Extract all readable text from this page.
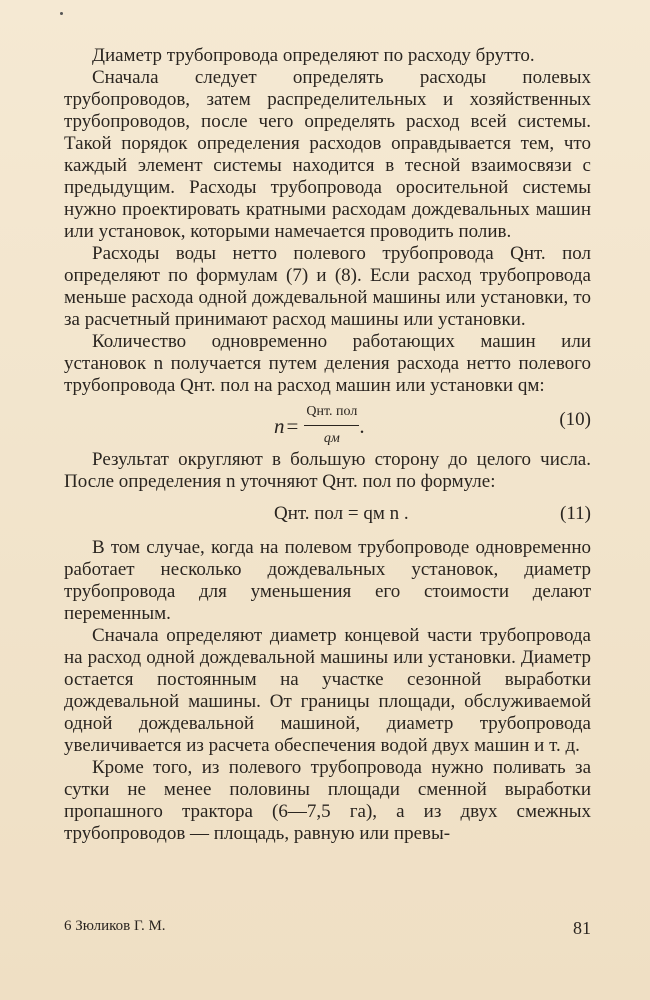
Диаметр трубопровода определяют по расходу брутто.

Сначала следует определять расходы полевых трубопроводов, затем распределительных и хозяйственных трубопроводов, после чего определять расход всей системы. Такой порядок определения расходов оправдывается тем, что каждый элемент системы находится в тесной взаимосвязи с предыдущим. Расходы трубопровода оросительной системы нужно проектировать кратными расходам дождевальных машин или установок, которыми намечается проводить полив.

Расходы воды нетто полевого трубопровода Qнт. пол определяют по формулам (7) и (8). Если расход трубопровода меньше расхода одной дождевальной машины или установки, то за расчетный принимают расход машины или установки.

Количество одновременно работающих машин или установок n получается путем деления расхода нетто полевого трубопровода Qнт. пол на расход машин или установки qм:

$n = \frac{\text{Qнт. пол}}{qм}$ .	(10)

Результат округляют в большую сторону до целого числа. После определения n уточняют Qнт. пол по формуле:

Qнт. пол = qм n .	(11)

В том случае, когда на полевом трубопроводе одновременно работает несколько дождевальных установок, диаметр трубопровода для уменьшения его стоимости делают переменным.

Сначала определяют диаметр концевой части трубопровода на расход одной дождевальной машины или установки. Диаметр остается постоянным на участке сезонной выработки дождевальной машины. От границы площади, обслуживаемой одной дождевальной машиной, диаметр трубопровода увеличивается из расчета обеспечения водой двух машин и т. д.

Кроме того, из полевого трубопровода нужно поливать за сутки не менее половины площади сменной выработки пропашного трактора (6—7,5 га), а из двух смежных трубопроводов — площадь, равную или превы-

6 Зюликов Г. М.	81
